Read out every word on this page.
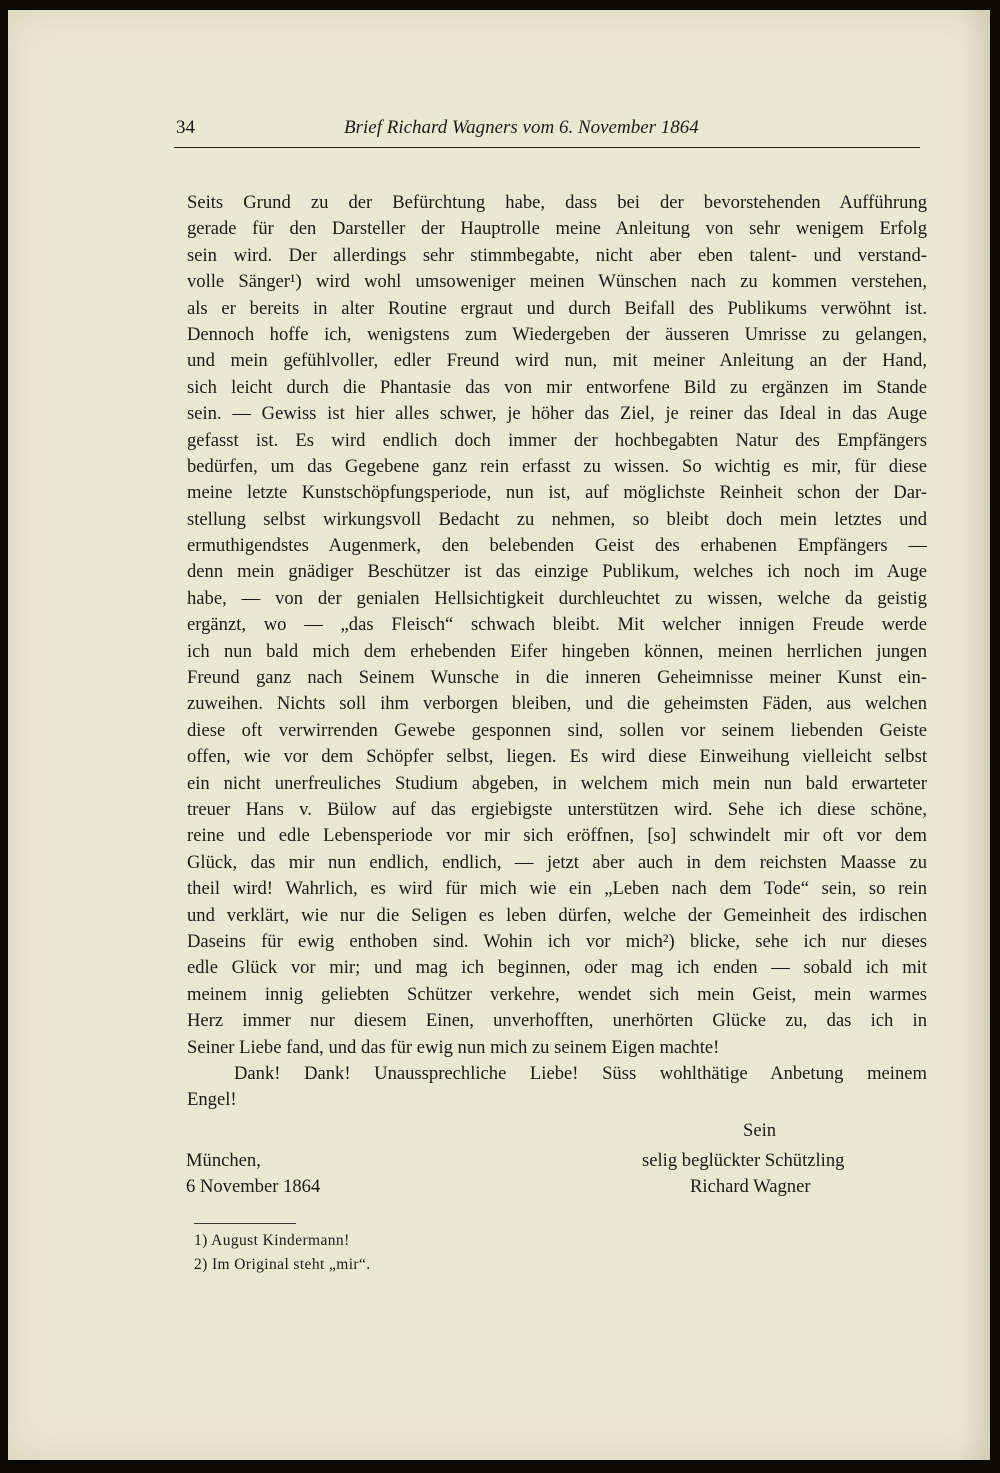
34	Brief Richard Wagners vom 6. November 1864
Seits Grund zu der Befürchtung habe, dass bei der bevorstehenden Aufführung
gerade für den Darsteller der Hauptrolle meine Anleitung von sehr wenigem Erfolg
sein wird. Der allerdings sehr stimmbegabte, nicht aber eben talent- und verstand-
volle Sänger¹) wird wohl umsoweniger meinen Wünschen nach zu kommen verstehen,
als er bereits in alter Routine ergraut und durch Beifall des Publikums verwöhnt ist.
Dennoch hoffe ich, wenigstens zum Wiedergeben der äusseren Umrisse zu gelangen,
und mein gefühlvoller, edler Freund wird nun, mit meiner Anleitung an der Hand,
sich leicht durch die Phantasie das von mir entworfene Bild zu ergänzen im Stande
sein. — Gewiss ist hier alles schwer, je höher das Ziel, je reiner das Ideal in das Auge
gefasst ist. Es wird endlich doch immer der hochbegabten Natur des Empfängers
bedürfen, um das Gegebene ganz rein erfasst zu wissen. So wichtig es mir, für diese
meine letzte Kunstschöpfungsperiode, nun ist, auf möglichste Reinheit schon der Dar-
stellung selbst wirkungsvoll Bedacht zu nehmen, so bleibt doch mein letztes und
ermuthigendstes Augenmerk, den belebenden Geist des erhabenen Empfängers —
denn mein gnädiger Beschützer ist das einzige Publikum, welches ich noch im Auge
habe, — von der genialen Hellsichtigkeit durchleuchtet zu wissen, welche da geistig
ergänzt, wo — „das Fleisch“ schwach bleibt. Mit welcher innigen Freude werde
ich nun bald mich dem erhebenden Eifer hingeben können, meinen herrlichen jungen
Freund ganz nach Seinem Wunsche in die inneren Geheimnisse meiner Kunst ein-
zuweihen. Nichts soll ihm verborgen bleiben, und die geheimsten Fäden, aus welchen
diese oft verwirrenden Gewebe gesponnen sind, sollen vor seinem liebenden Geiste
offen, wie vor dem Schöpfer selbst, liegen. Es wird diese Einweihung vielleicht selbst
ein nicht unerfreuliches Studium abgeben, in welchem mich mein nun bald erwarteter
treuer Hans v. Bülow auf das ergiebigste unterstützen wird. Sehe ich diese schöne,
reine und edle Lebensperiode vor mir sich eröffnen, [so] schwindelt mir oft vor dem
Glück, das mir nun endlich, endlich, — jetzt aber auch in dem reichsten Maasse zu
theil wird! Wahrlich, es wird für mich wie ein „Leben nach dem Tode“ sein, so rein
und verklärt, wie nur die Seligen es leben dürfen, welche der Gemeinheit des irdischen
Daseins für ewig enthoben sind. Wohin ich vor mich²) blicke, sehe ich nur dieses
edle Glück vor mir; und mag ich beginnen, oder mag ich enden — sobald ich mit
meinem innig geliebten Schützer verkehre, wendet sich mein Geist, mein warmes
Herz immer nur diesem Einen, unverhofften, unerhörten Glücke zu, das ich in
Seiner Liebe fand, und das für ewig nun mich zu seinem Eigen machte!
Dank! Dank! Unaussprechliche Liebe! Süss wohlthätige Anbetung meinem
Engel!
Sein
München,
6 November 1864
selig beglückter Schützling
Richard Wagner
1) August Kindermann!
2) Im Original steht „mir“.
